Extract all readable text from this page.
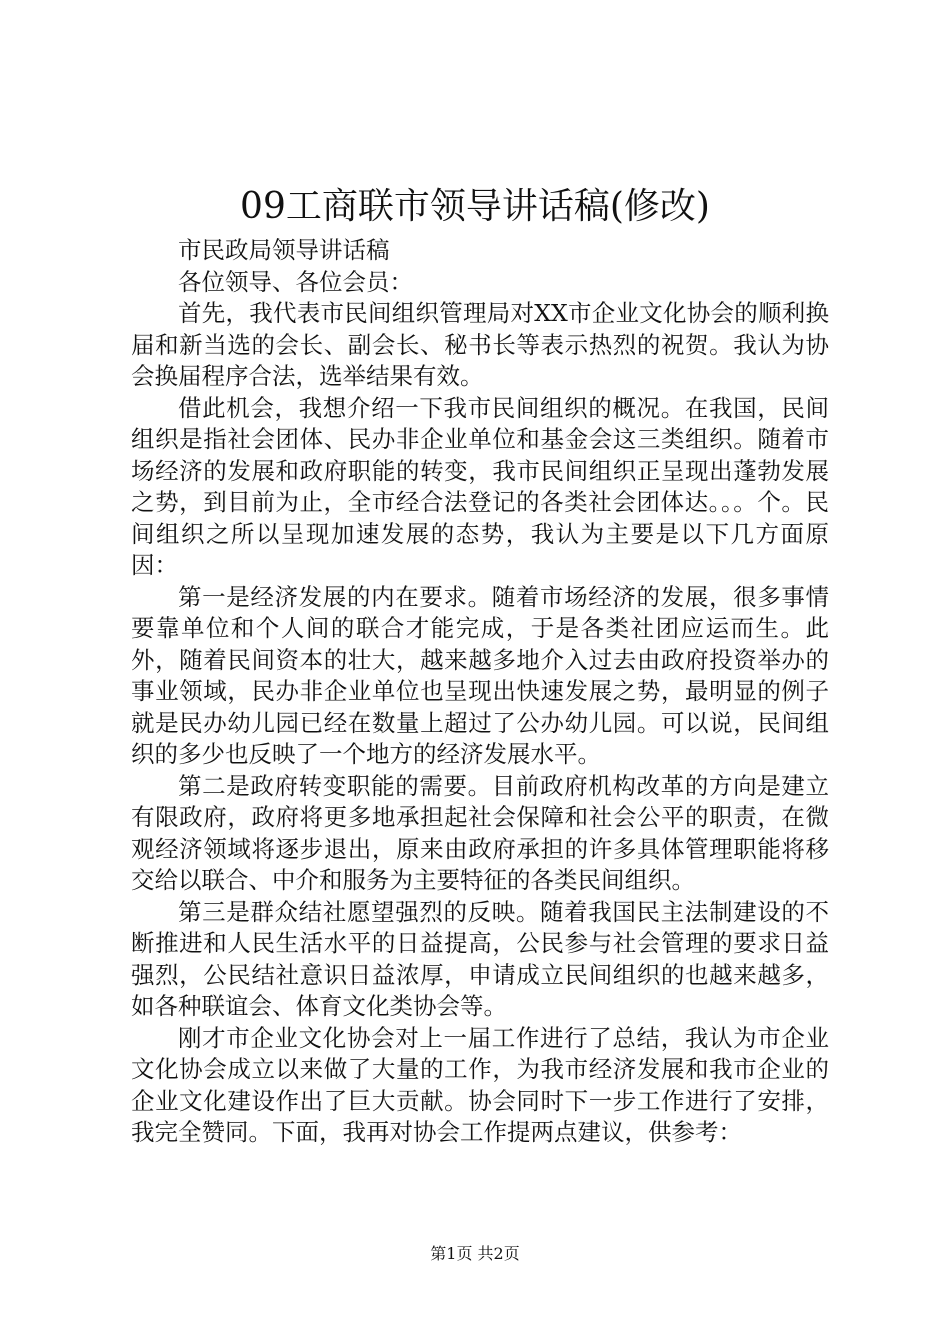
09工商联市领导讲话稿(修改)

市民政局领导讲话稿

各位领导、各位会员：

首先，我代表市民间组织管理局对XX市企业文化协会的顺利换届和新当选的会长、副会长、秘书长等表示热烈的祝贺。我认为协会换届程序合法，选举结果有效。

借此机会，我想介绍一下我市民间组织的概况。在我国，民间组织是指社会团体、民办非企业单位和基金会这三类组织。随着市场经济的发展和政府职能的转变，我市民间组织正呈现出蓬勃发展之势，到目前为止，全市经合法登记的各类社会团体达。。。个。民间组织之所以呈现加速发展的态势，我认为主要是以下几方面原因：

第一是经济发展的内在要求。随着市场经济的发展，很多事情要靠单位和个人间的联合才能完成，于是各类社团应运而生。此外，随着民间资本的壮大，越来越多地介入过去由政府投资举办的事业领域，民办非企业单位也呈现出快速发展之势，最明显的例子就是民办幼儿园已经在数量上超过了公办幼儿园。可以说，民间组织的多少也反映了一个地方的经济发展水平。

第二是政府转变职能的需要。目前政府机构改革的方向是建立有限政府，政府将更多地承担起社会保障和社会公平的职责，在微观经济领域将逐步退出，原来由政府承担的许多具体管理职能将移交给以联合、中介和服务为主要特征的各类民间组织。

第三是群众结社愿望强烈的反映。随着我国民主法制建设的不断推进和人民生活水平的日益提高，公民参与社会管理的要求日益强烈，公民结社意识日益浓厚，申请成立民间组织的也越来越多，如各种联谊会、体育文化类协会等。

刚才市企业文化协会对上一届工作进行了总结，我认为市企业文化协会成立以来做了大量的工作，为我市经济发展和我市企业的企业文化建设作出了巨大贡献。协会同时下一步工作进行了安排，我完全赞同。下面，我再对协会工作提两点建议，供参考：

第1页 共2页
